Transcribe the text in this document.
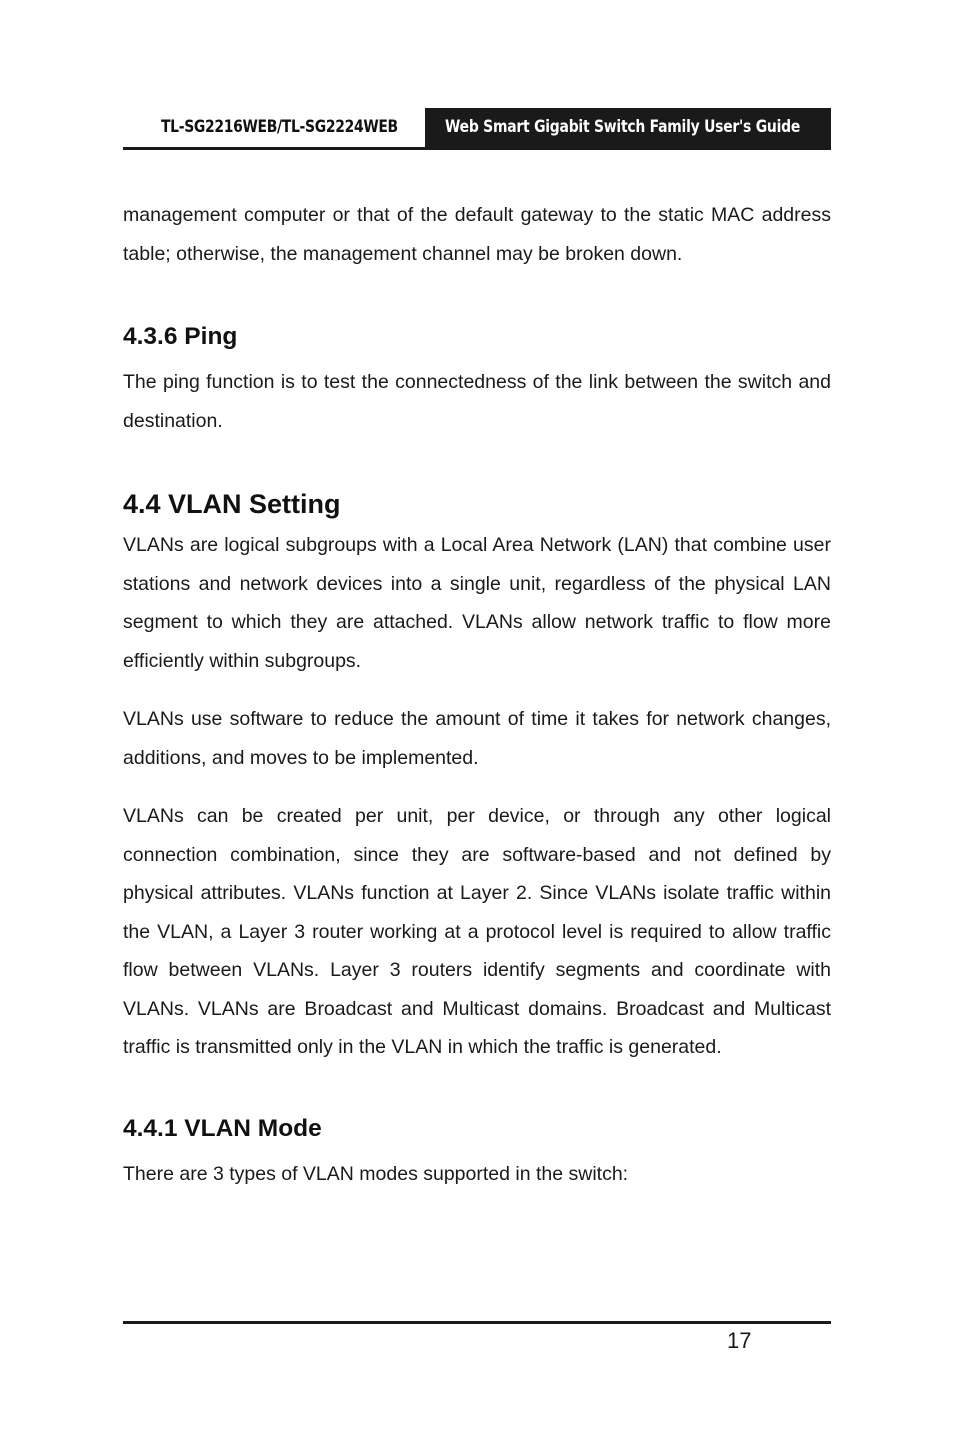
TL-SG2216WEB/TL-SG2224WEB	Web Smart Gigabit Switch Family User's Guide

management computer or that of the default gateway to the static MAC address table; otherwise, the management channel may be broken down.

4.3.6 Ping

The ping function is to test the connectedness of the link between the switch and destination.

4.4 VLAN Setting

VLANs are logical subgroups with a Local Area Network (LAN) that combine user stations and network devices into a single unit, regardless of the physical LAN segment to which they are attached. VLANs allow network traffic to flow more efficiently within subgroups.

VLANs use software to reduce the amount of time it takes for network changes, additions, and moves to be implemented.

VLANs can be created per unit, per device, or through any other logical connection combination, since they are software-based and not defined by physical attributes. VLANs function at Layer 2. Since VLANs isolate traffic within the VLAN, a Layer 3 router working at a protocol level is required to allow traffic flow between VLANs. Layer 3 routers identify segments and coordinate with VLANs. VLANs are Broadcast and Multicast domains. Broadcast and Multicast traffic is transmitted only in the VLAN in which the traffic is generated.

4.4.1 VLAN Mode

There are 3 types of VLAN modes supported in the switch:

17
